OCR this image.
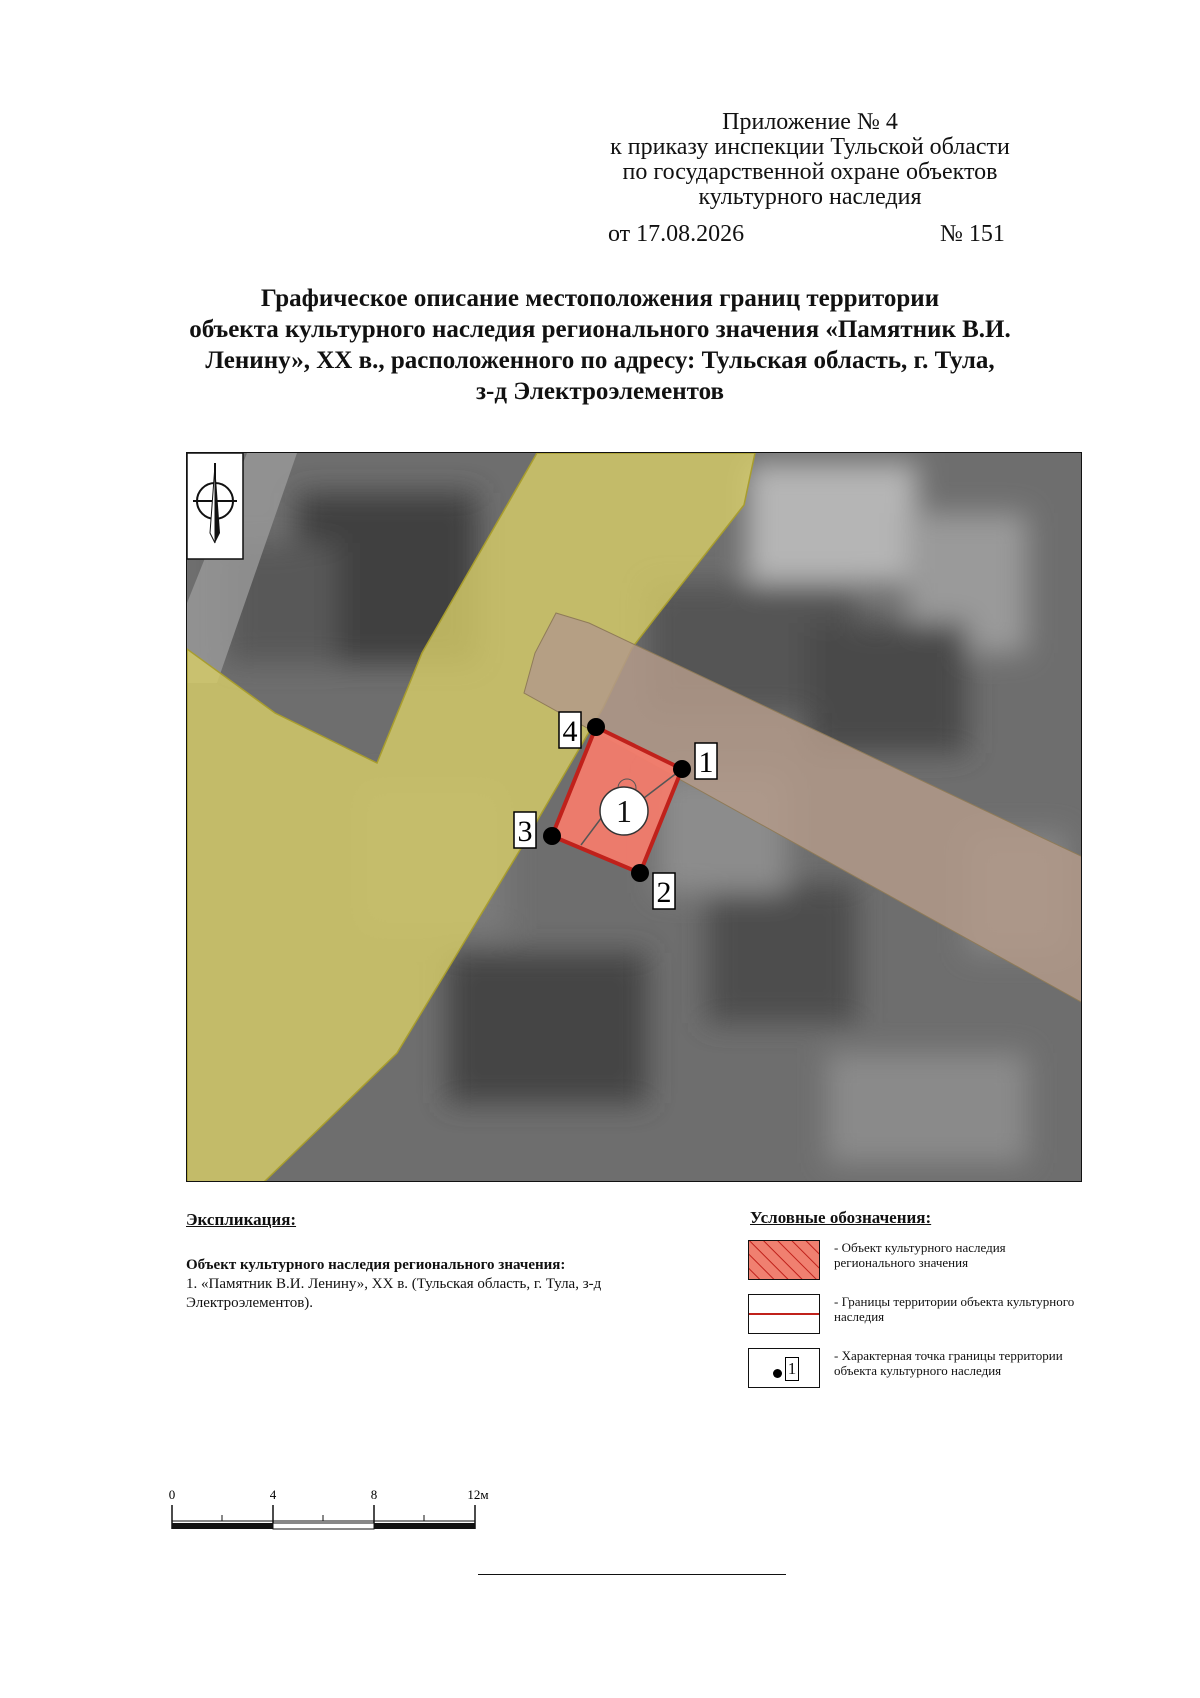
Приложение № 4
к приказу инспекции Тульской области
по государственной охране объектов
культурного наследия
от 17.08.2026	№ 151
Графическое описание местоположения границ территории
объекта культурного наследия регионального значения «Памятник В.И.
Ленину», XX в., расположенного по адресу: Тульская область, г. Тула,
з-д Электроэлементов
1
1
2
3
4
Экспликация:
Объект культурного наследия регионального значения:
1. «Памятник В.И. Ленину», XX в. (Тульская область, г. Тула, з-д Электроэлементов).
Условные обозначения:
- Объект культурного наследия регионального значения
- Границы территории объекта культурного наследия
1
- Характерная точка границы территории объекта культурного наследия
0	4	8	12м
